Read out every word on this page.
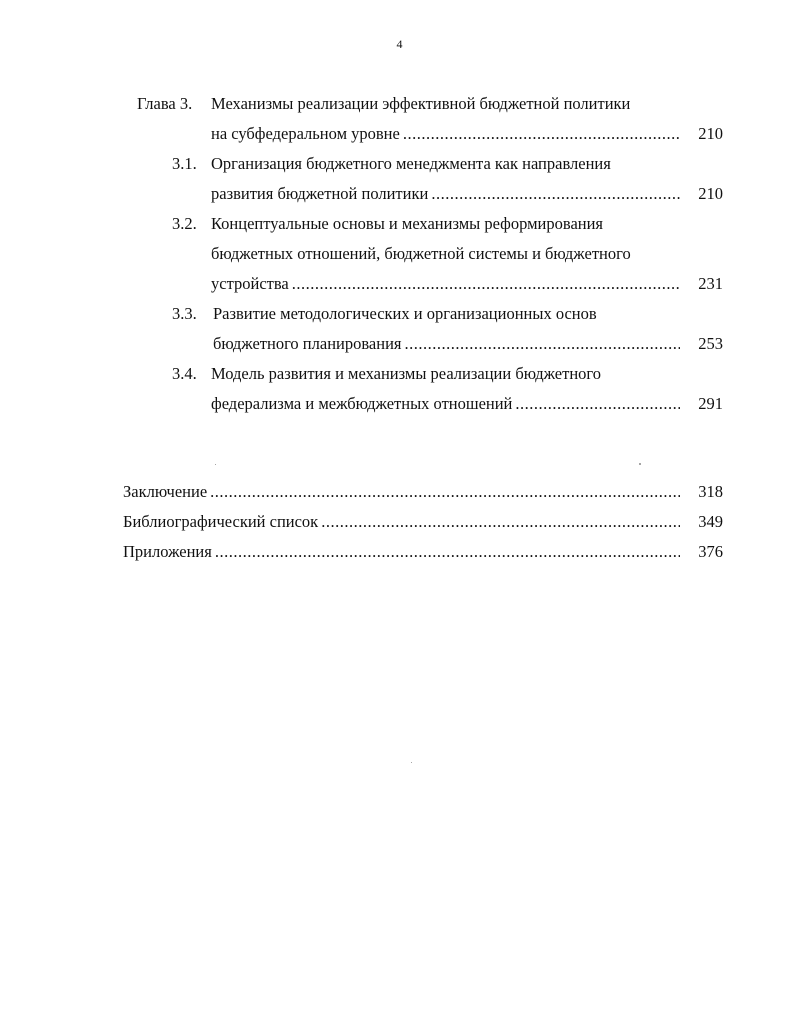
4
Глава 3. Механизмы реализации эффективной бюджетной политики
на субфедеральном уровне .....	210
3.1. Организация бюджетного менеджмента как направления
развития бюджетной политики .....	210
3.2. Концептуальные основы и механизмы реформирования
бюджетных отношений, бюджетной системы и бюджетного
устройства .....	231
3.3. Развитие методологических и организационных основ
бюджетного планирования .....	253
3.4. Модель развития и механизмы реализации бюджетного
федерализма и межбюджетных отношений .....	291
Заключение .....	318
Библиографический список .....	349
Приложения .....	376
